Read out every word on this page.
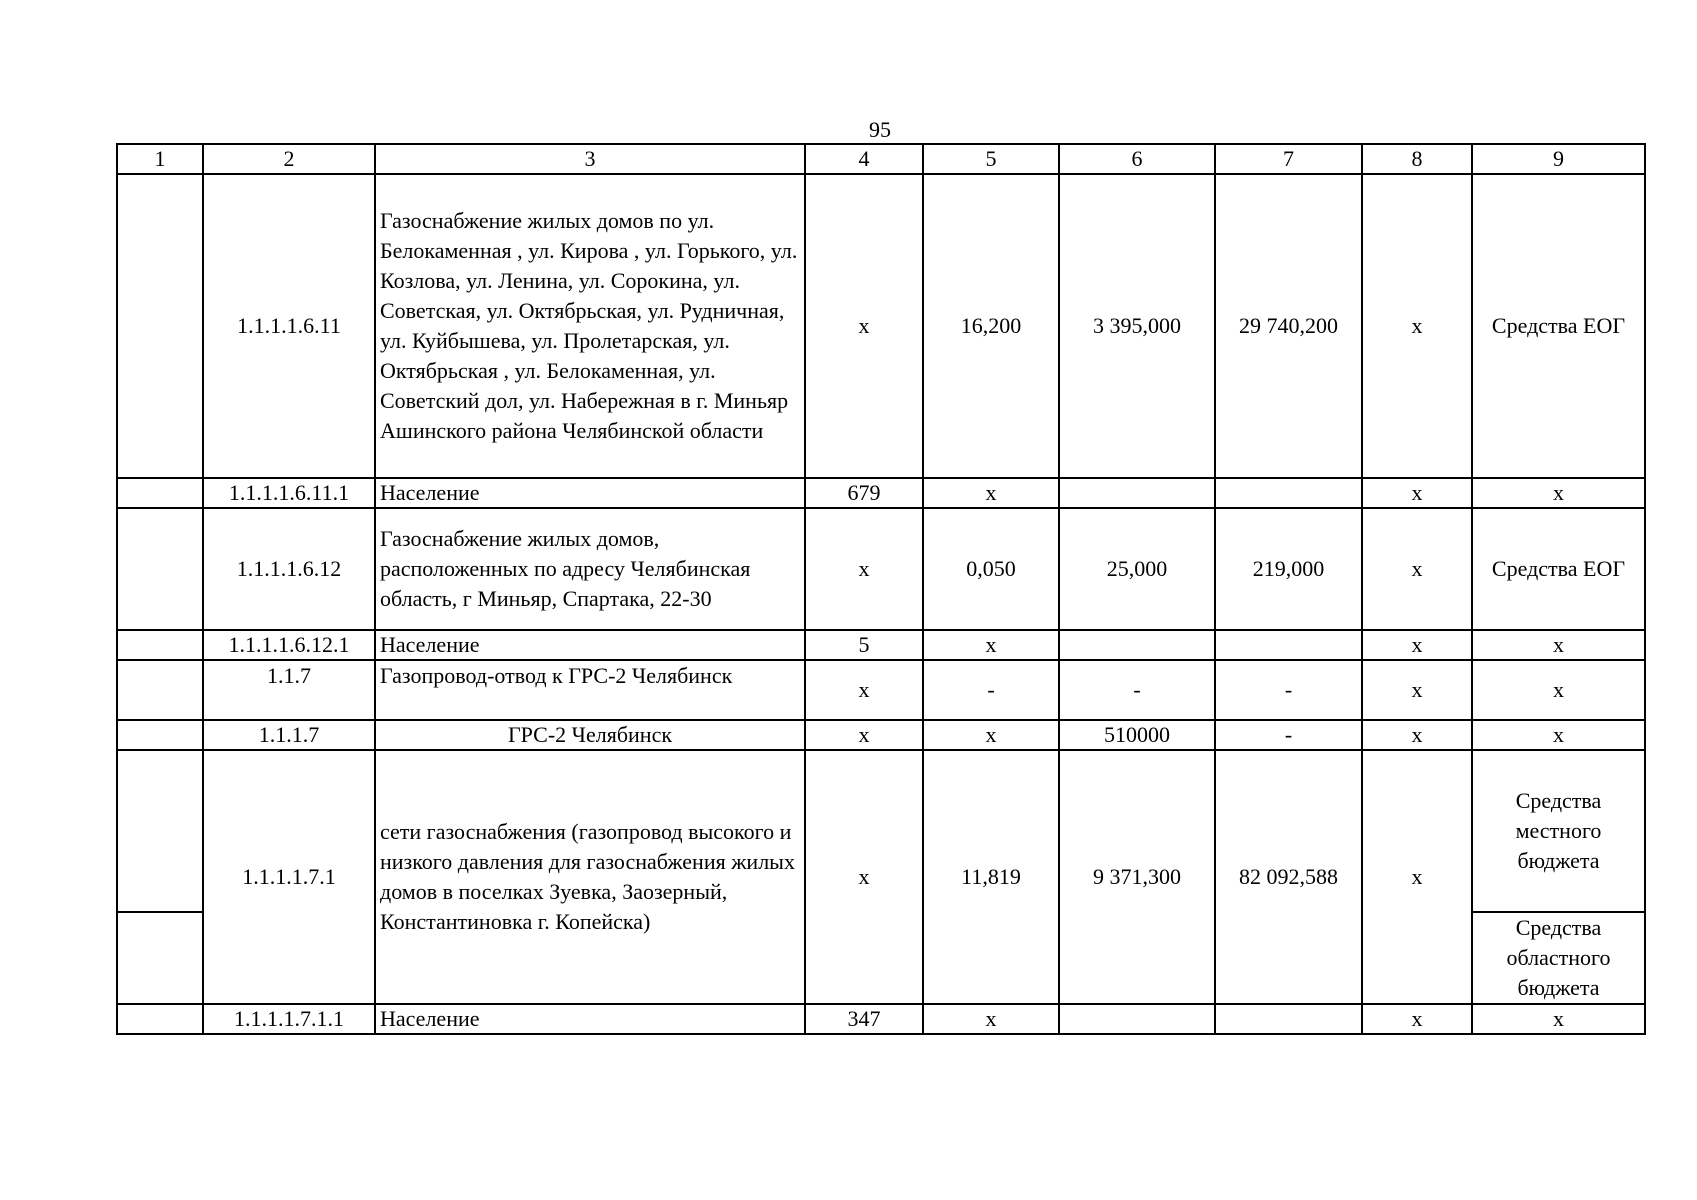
95
1	2	3	4	5	6	7	8	9
	1.1.1.1.6.11	Газоснабжение жилых домов по ул. Белокаменная , ул. Кирова , ул. Горького, ул. Козлова, ул. Ленина, ул. Сорокина, ул. Советская, ул. Октябрьская, ул. Рудничная, ул. Куйбышева, ул. Пролетарская, ул. Октябрьская , ул. Белокаменная, ул. Советский дол, ул. Набережная в г. Миньяр Ашинского района Челябинской области	x	16,200	3 395,000	29 740,200	x	Средства ЕОГ
	1.1.1.1.6.11.1	Население	679	x			x	x
	1.1.1.1.6.12	Газоснабжение жилых домов, расположенных по адресу Челябинская область, г Миньяр, Спартака, 22-30	x	0,050	25,000	219,000	x	Средства ЕОГ
	1.1.1.1.6.12.1	Население	5	x			x	x
	1.1.7	Газопровод-отвод к ГРС-2 Челябинск	x	-	-	-	x	x
	1.1.1.7	ГРС-2 Челябинск	x	x	510000	-	x	x
	1.1.1.1.7.1	сети газоснабжения (газопровод высокого и низкого давления для газоснабжения жилых домов в поселках Зуевка, Заозерный, Константиновка г. Копейска)	x	11,819	9 371,300	82 092,588	x	Средства местного бюджета
								Средства областного бюджета
	1.1.1.1.7.1.1	Население	347	x			x	x
